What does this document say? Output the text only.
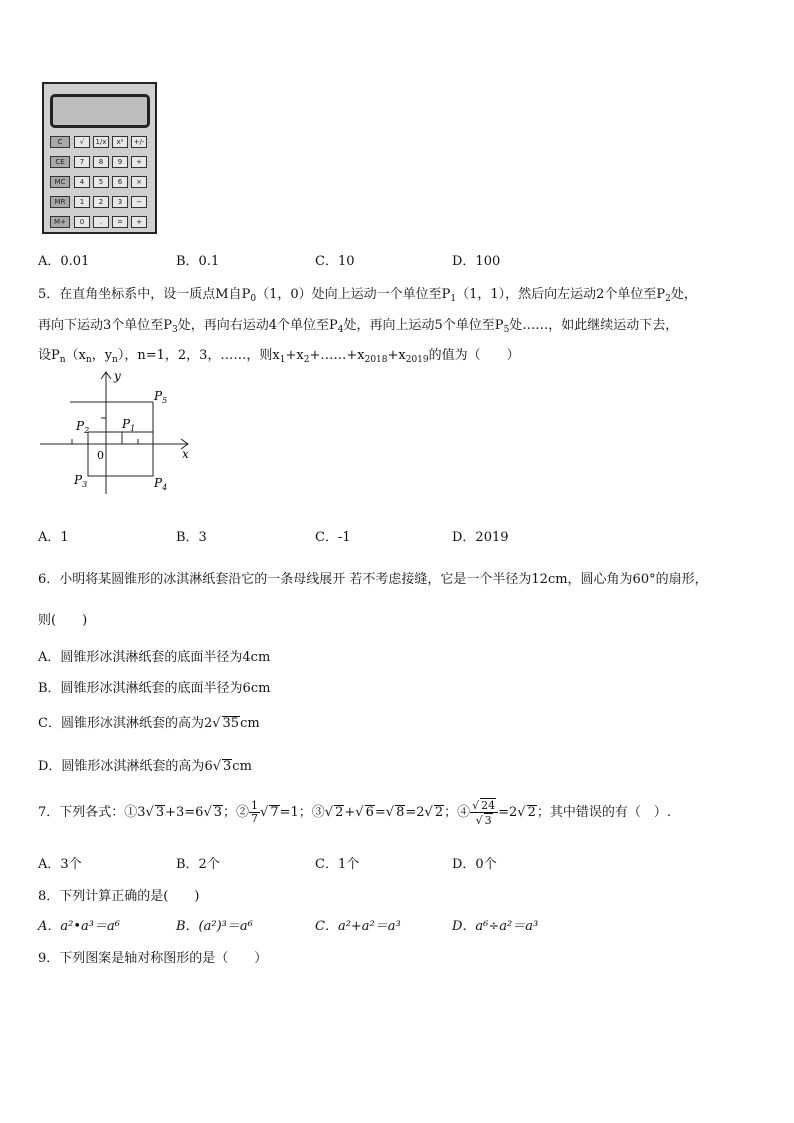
C	√	1/x	x²	+/-
CE	7	8	9	+
MC	4	5	6	×
MR	1	2	3	−
M+	0	.	=	+
A．0.01	B．0.1	C．10	D．100
5．在直角坐标系中，设一质点M自$P_0(1$，0）处向上运动一个单位至$P_1(1$，1），然后向左运动2个单位至$P_2$处，
再向下运动3个单位至$P_3$处，再向右运动4个单位至$P_4$处，再向上运动5个单位至$P_5$处……，如此继续运动下去，
设$P_n(x_n$，$y_n$），n=1，2，3，……，则$x_1+x_2+\dots\dots+x_{2018}+x_{2019}$的值为（　　）
y
x
0
$P_1$
$P_2$
$P_3$	$P_4$
$P_5$
A．1	B．3	C．-1	D．2019
6．小明将某圆锥形的冰淇淋纸套沿它的一条母线展开 若不考虑接缝，它是一个半径为12cm，圆心角为60°的扇形，
则(　　)
A．圆锥形冰淇淋纸套的底面半径为4cm
B．圆锥形冰淇淋纸套的底面半径为6cm
C．圆锥形冰淇淋纸套的高为2√ 35cm
D．圆锥形冰淇淋纸套的高为6√ 3cm
7．下列各式：①3√ 3+3=6√ 3；② $\frac{1}{7}$ √ 7=1；③√ 2+√ 6=√ 8=2√ 2；④ $\frac{√ 24}{√ 3} =2√$ 2；其中错误的有（　）.
A．3个	B．2个	C．1个	D．0个
8．下列计算正确的是(　　)
A．a²•a³＝a⁶	B．(a²)³＝a⁶	C．a²+a²＝a³	D．a⁶÷a²＝a³
9．下列图案是轴对称图形的是（　　）
